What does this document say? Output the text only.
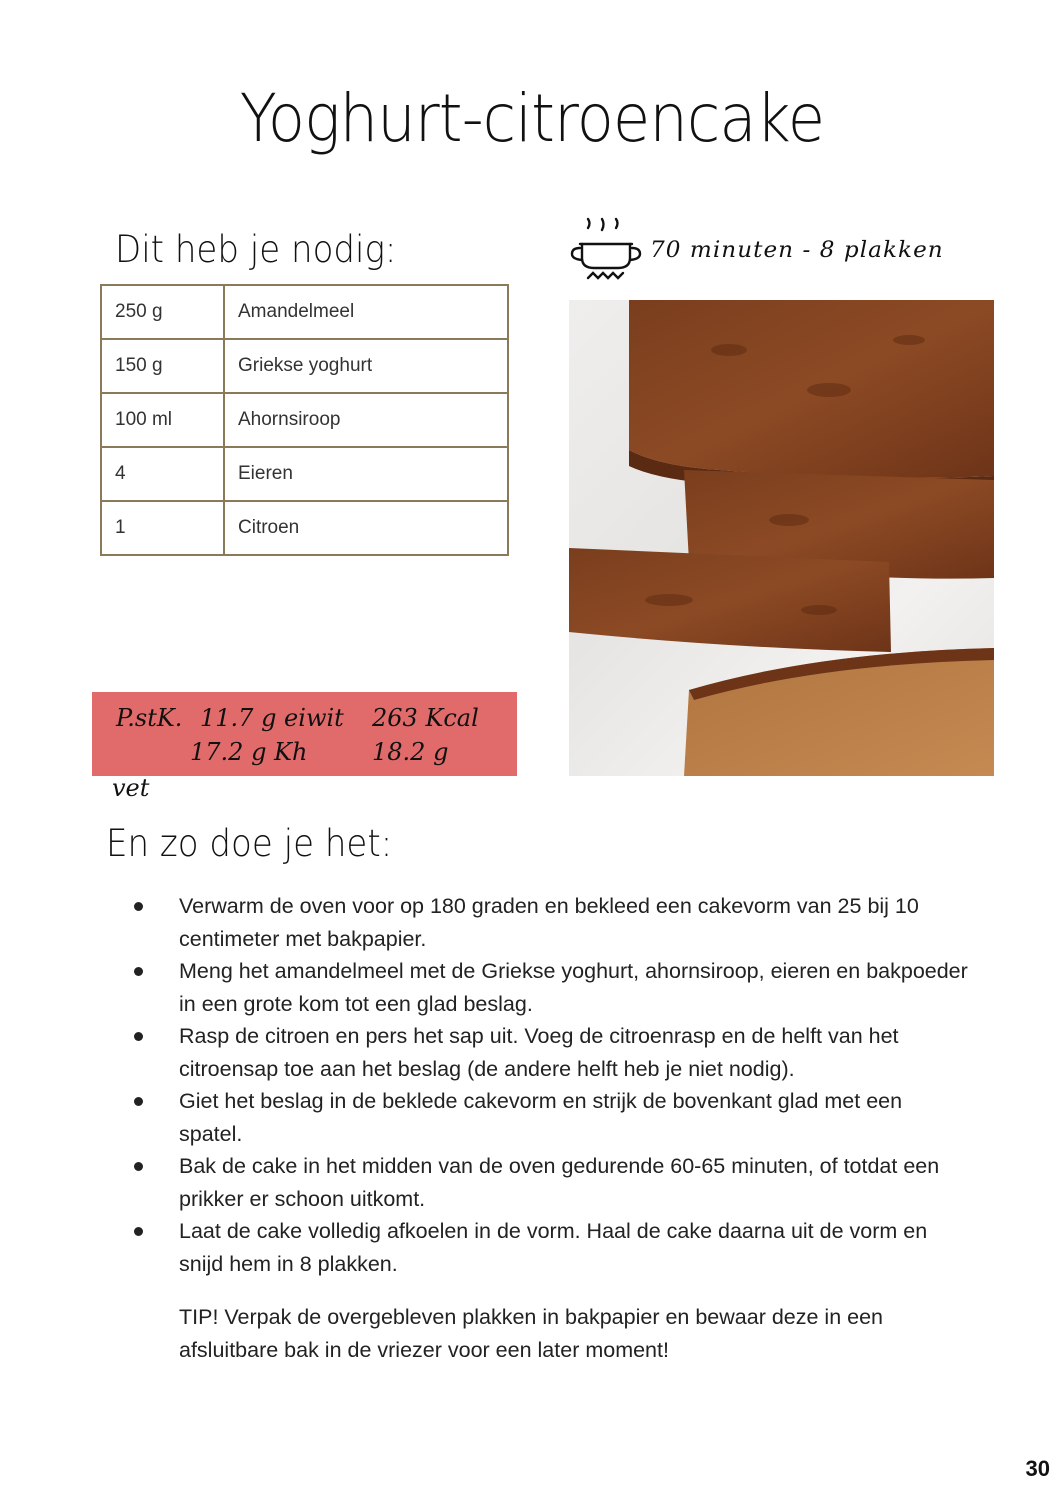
Yoghurt-citroencake
Dit heb je nodig:
250 g	Amandelmeel
150 g	Griekse yoghurt
100 ml	Ahornsiroop
4	Eieren
1	Citroen
70 minuten - 8 plakken
P.stK. 11.7 g eiwit 263 Kcal
17.2 g Kh	18.2 g
vet
En zo doe je het:
Verwarm de oven voor op 180 graden en bekleed een cakevorm van 25 bij 10 centimeter met bakpapier.
Meng het amandelmeel met de Griekse yoghurt, ahornsiroop, eieren en bakpoeder in een grote kom tot een glad beslag.
Rasp de citroen en pers het sap uit. Voeg de citroenrasp en de helft van het citroensap toe aan het beslag (de andere helft heb je niet nodig).
Giet het beslag in de beklede cakevorm en strijk de bovenkant glad met een spatel.
Bak de cake in het midden van de oven gedurende 60-65 minuten, of totdat een prikker er schoon uitkomt.
Laat de cake volledig afkoelen in de vorm. Haal de cake daarna uit de vorm en snijd hem in 8 plakken.
TIP! Verpak de overgebleven plakken in bakpapier en bewaar deze in een afsluitbare bak in de vriezer voor een later moment!
30
